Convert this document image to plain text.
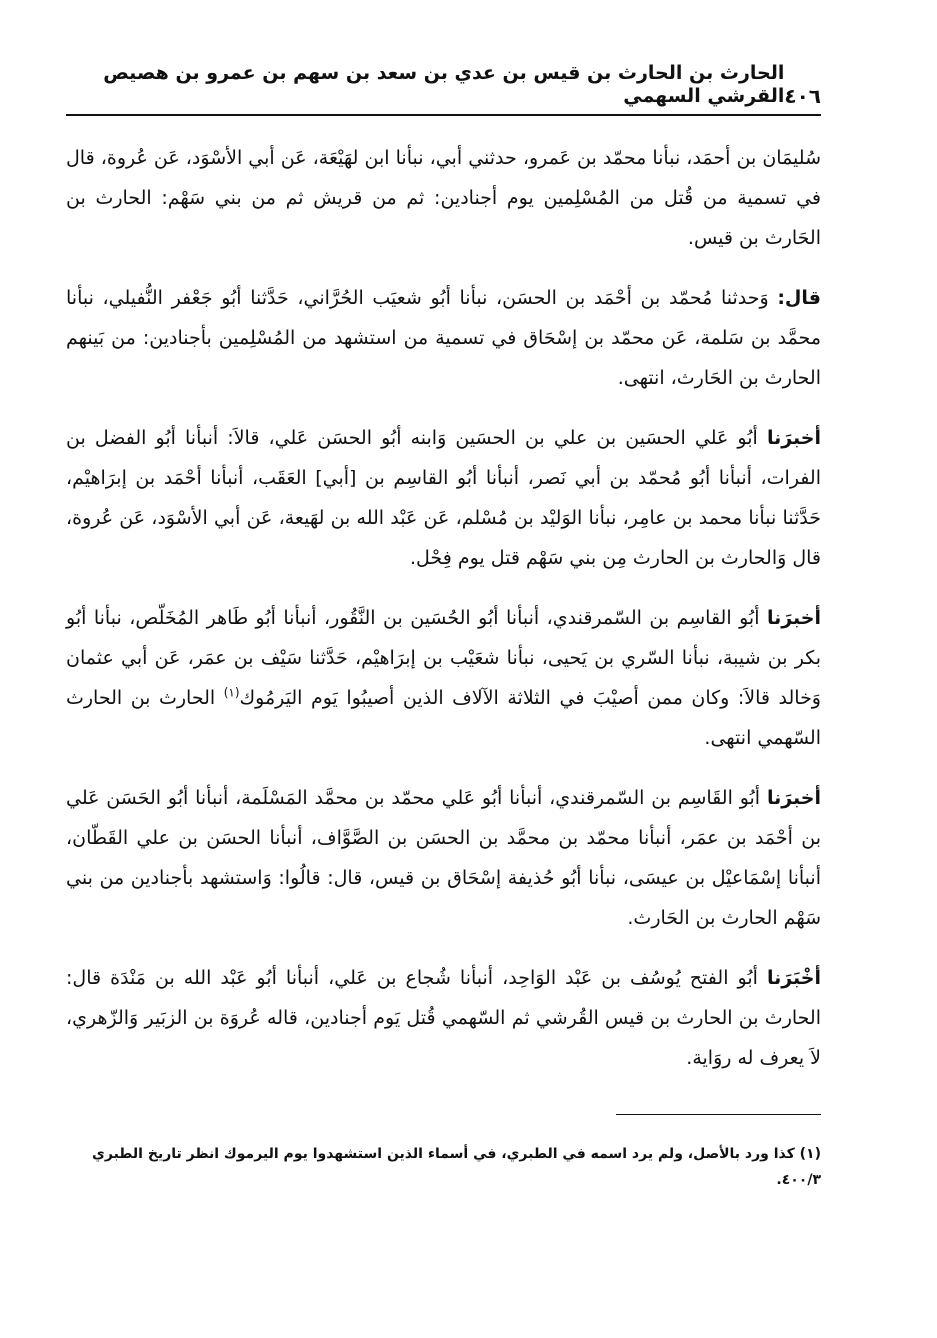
٤٠٦
الحارث بن الحارث بن قيس بن عدي بن سعد بن سهم بن عمرو بن هصيص القرشي السهمي

سُليمَان بن أحمَد، نبأنا محمّد بن عَمرو، حدثني أبي، نبأنا ابن لهَيْعَة، عَن أبي الأسْوَد، عَن عُروة، قال في تسمية من قُتل من المُسْلِمين يوم أجنادين: ثم من قريش ثم من بني سَهْم: الحارث بن الحَارث بن قيس.

قال: وَحدثنا مُحمّد بن أحْمَد بن الحسَن، نبأنا أبُو شعيَب الحُرَّاني، حَدَّثنا أبُو جَعْفر النُّفيلي، نبأنا محمَّد بن سَلمة، عَن محمّد بن إسْحَاق في تسمية من استشهد من المُسْلِمين بأجنادين: من بَينهم الحارث بن الحَارث، انتهى.

أخبرَنا أبُو عَلي الحسَين بن علي بن الحسَين وَابنه أبُو الحسَن عَلي، قالاَ: أنبأنا أبُو الفضل بن الفرات، أنبأنا أبُو مُحمّد بن أبي نَصر، أنبأنا أبُو القاسِم بن [أبي] العَقَب، أنبأنا أحْمَد بن إبرَاهيْم، حَدَّثنا نبأنا محمد بن عامِر، نبأنا الوَليْد بن مُسْلم، عَن عَبْد الله بن لهَيعة، عَن أبي الأسْوَد، عَن عُروة، قال وَالحارث بن الحارث مِن بني سَهْم قتل يوم فِحْل.

أخبرَنا أبُو القاسِم بن السّمرقندي، أنبأنا أبُو الحُسَين بن النَّقُور، أنبأنا أبُو طَاهر المُخَلّص، نبأنا أبُو بكر بن شيبة، نبأنا السّري بن يَحيى، نبأنا شعَيْب بن إبرَاهيْم، حَدَّثنا سَيْف بن عمَر، عَن أبي عثمان وَخالد قالاَ: وكان ممن أصيْبَ في الثلاثة الآلاف الذين أصيبُوا يَوم اليَرمُوك$^{(١)}$ الحارث بن الحارث السّهمي انتهى.

أخبرَنا أبُو القَاسِم بن السّمرقندي، أنبأنا أبُو عَلي محمّد بن محمَّد المَسْلَمة، أنبأنا أبُو الحَسَن عَلي بن أحْمَد بن عمَر، أنبأنا محمّد بن محمَّد بن الحسَن بن الصَّوَّاف، أنبأنا الحسَن بن علي القَطّان، أنبأنا إسْمَاعيْل بن عيسَى، نبأنا أبُو حُذيفة إسْحَاق بن قيس، قال: قالُوا: وَاستشهد بأجنادين من بني سَهْم الحارث بن الحَارث.

أخْبَرَنا أبُو الفتح يُوسُف بن عَبْد الوَاحِد، أنبأنا شُجاع بن عَلي، أنبأنا أبُو عَبْد الله بن مَنْدَة قال: الحارث بن الحارث بن قيس القُرشي ثم السّهمي قُتل يَوم أجنادين، قاله عُروَة بن الزبَير وَالزّهري، لاَ يعرف له روَاية.

(١) كذا ورد بالأصل، ولم يرد اسمه في الطبري، في أسماء الذين استشهدوا يوم اليرموك انظر تاريخ الطبري ٤٠٠/٣.
